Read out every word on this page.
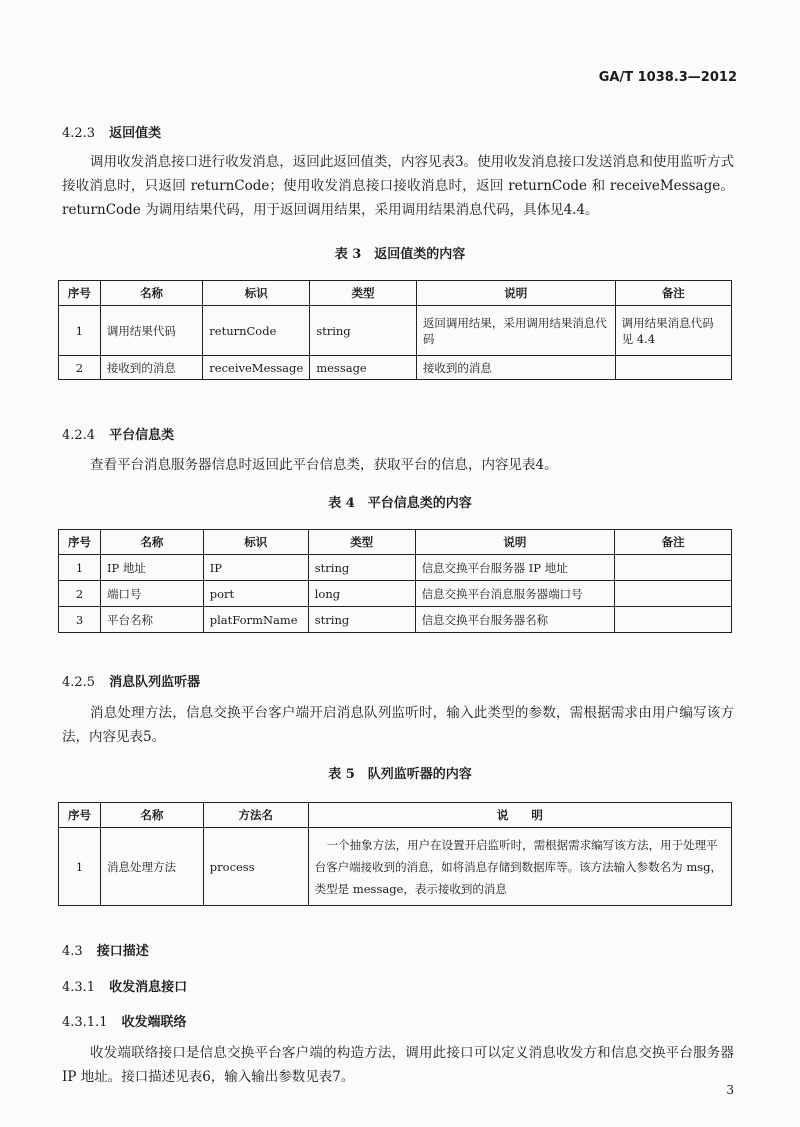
GA/T 1038.3—2012
4.2.3 返回值类
调用收发消息接口进行收发消息，返回此返回值类，内容见表3。使用收发消息接口发送消息和使用监听方式接收消息时，只返回 returnCode；使用收发消息接口接收消息时，返回 returnCode 和 receiveMessage。returnCode 为调用结果代码，用于返回调用结果，采用调用结果消息代码，具体见4.4。
表 3　返回值类的内容
序号	名称	标识	类型	说明	备注
1	调用结果代码	returnCode	string	返回调用结果，采用调用结果消息代码	调用结果消息代码见 4.4
2	接收到的消息	receiveMessage	message	接收到的消息	
4.2.4 平台信息类
查看平台消息服务器信息时返回此平台信息类，获取平台的信息，内容见表4。
表 4　平台信息类的内容
序号	名称	标识	类型	说明	备注
1	IP 地址	IP	string	信息交换平台服务器 IP 地址	
2	端口号	port	long	信息交换平台消息服务器端口号	
3	平台名称	platFormName	string	信息交换平台服务器名称	
4.2.5 消息队列监听器
消息处理方法，信息交换平台客户端开启消息队列监听时，输入此类型的参数，需根据需求由用户编写该方法，内容见表5。
表 5　队列监听器的内容
序号	名称	方法名	说　　明
1	消息处理方法	process	一个抽象方法，用户在设置开启监听时，需根据需求编写该方法，用于处理平台客户端接收到的消息，如将消息存储到数据库等。该方法输入参数名为 msg，类型是 message，表示接收到的消息
4.3 接口描述
4.3.1 收发消息接口
4.3.1.1 收发端联络
收发端联络接口是信息交换平台客户端的构造方法，调用此接口可以定义消息收发方和信息交换平台服务器 IP 地址。接口描述见表6，输入输出参数见表7。
3
